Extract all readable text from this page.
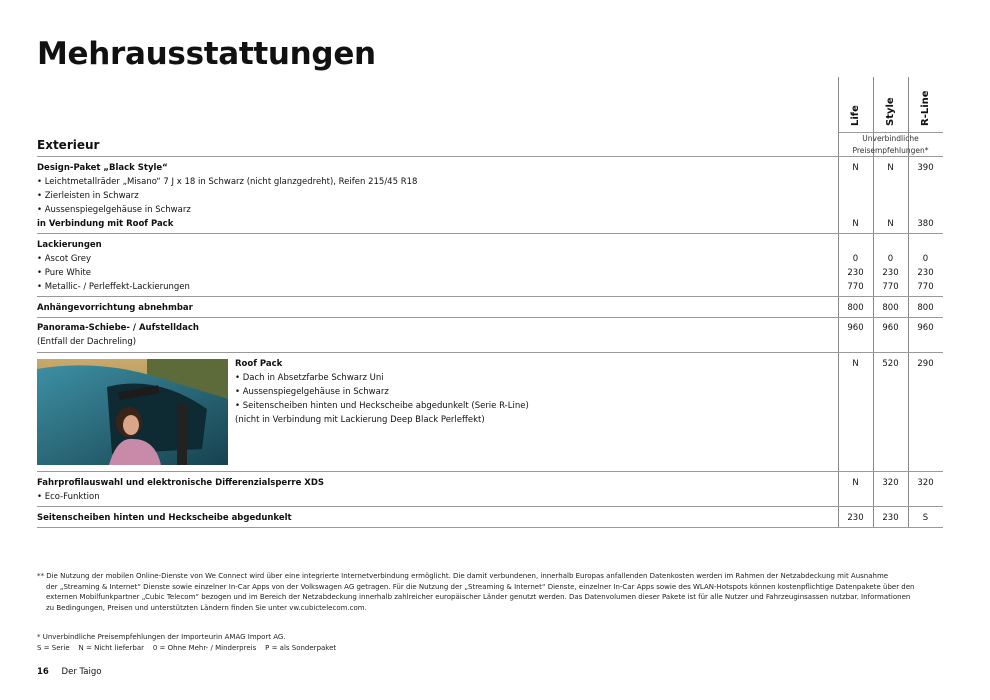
Mehrausstattungen
Life Style R-Line
Exterieur	Unverbindliche
Preisempfehlungen*
Design-Paket „Black Style“
• Leichtmetallräder „Misano“ 7 J x 18 in Schwarz (nicht glanzgedreht), Reifen 215/45 R18
• Zierleisten in Schwarz
• Aussenspiegelgehäuse in Schwarz
N	N	390
in Verbindung mit Roof Pack	N	N	380
Lackierungen
• Ascot Grey	0	0	0
• Pure White	230	230	230
• Metallic- / Perleffekt-Lackierungen	770	770	770
Anhängevorrichtung abnehmbar	800	800	800
Panorama-Schiebe- / Aufstelldach
(Entfall der Dachreling)
960	960	960
Roof Pack
• Dach in Absetzfarbe Schwarz Uni
• Aussenspiegelgehäuse in Schwarz
• Seitenscheiben hinten und Heckscheibe abgedunkelt (Serie R-Line)
(nicht in Verbindung mit Lackierung Deep Black Perleffekt)
N	520	290
Fahrprofilauswahl und elektronische Differenzialsperre XDS
• Eco-Funktion
N	320	320
Seitenscheiben hinten und Heckscheibe abgedunkelt	230	230	S
** Die Nutzung der mobilen Online-Dienste von We Connect wird über eine integrierte Internetverbindung ermöglicht. Die damit verbundenen, innerhalb Europas anfallenden Datenkosten werden im Rahmen der Netzabdeckung mit Ausnahme
der „Streaming & Internet“ Dienste sowie einzelner In-Car Apps von der Volkswagen AG getragen. Für die Nutzung der „Streaming & Internet“ Dienste, einzelner In-Car Apps sowie des WLAN-Hotspots können kostenpflichtige Datenpakete über den
externen Mobilfunkpartner „Cubic Telecom“ bezogen und im Bereich der Netzabdeckung innerhalb zahlreicher europäischer Länder genutzt werden. Das Datenvolumen dieser Pakete ist für alle Nutzer und Fahrzeuginsassen nutzbar. Informationen
zu Bedingungen, Preisen und unterstützten Ländern finden Sie unter vw.cubictelecom.com.
* Unverbindliche Preisempfehlungen der Importeurin AMAG Import AG.
S = Serie    N = Nicht lieferbar    0 = Ohne Mehr- / Minderpreis    P = als Sonderpaket
16 Der Taigo
